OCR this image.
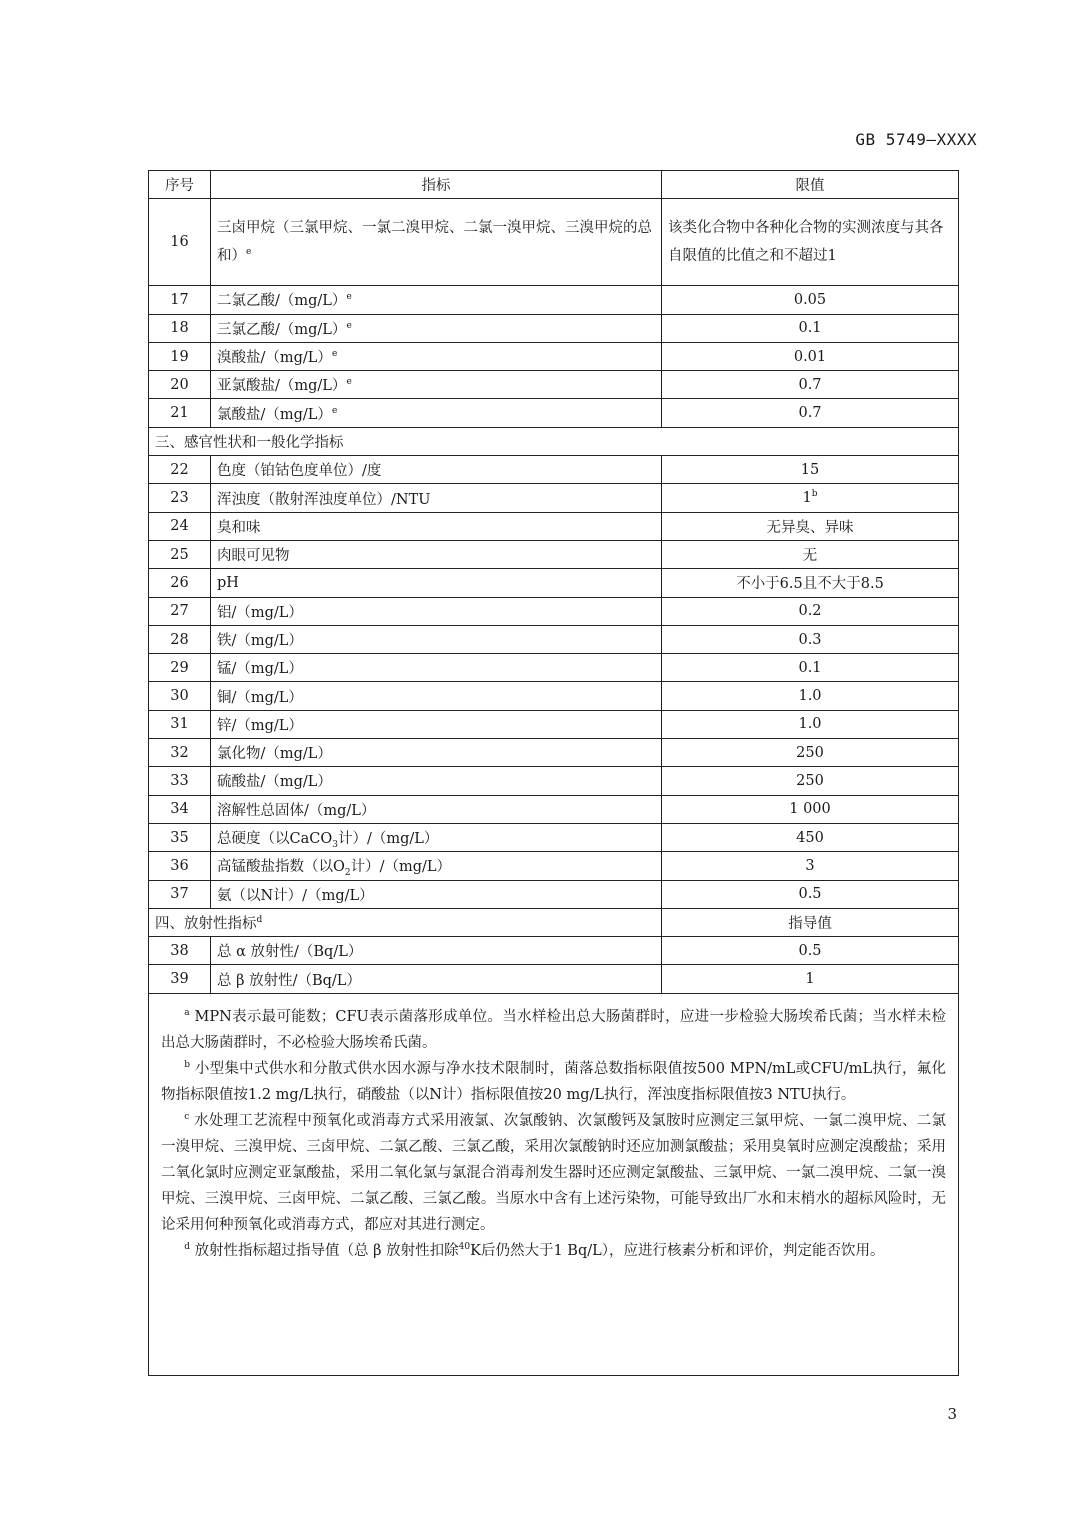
GB 5749—XXXX
序号	指标	限值
16	三卤甲烷（三氯甲烷、一氯二溴甲烷、二氯一溴甲烷、三溴甲烷的总和）$^e$	该类化合物中各种化合物的实测浓度与其各自限值的比值之和不超过1
17	二氯乙酸$/(mg/L)^e$	0.05
18	三氯乙酸$/(mg/L)^e$	0.1
19	溴酸盐$/(mg/L)^e$	0.01
20	亚氯酸盐$/(mg/L)^e$	0.7
21	氯酸盐$/(mg/L)^e$	0.7
三、感官性状和一般化学指标		
22	色度（铂钴色度单位）/度	15
23	浑浊度（散射浑浊度单位）/NTU	1$^b$
24	臭和味	无异臭、异味
25	肉眼可见物	无
26	pH	不小于6.5且不大于8.5
27	铝/（mg/L）	0.2
28	铁/（mg/L）	0.3
29	锰/（mg/L）	0.1
30	铜/（mg/L）	1.0
31	锌/（mg/L）	1.0
32	氯化物/（mg/L）	250
33	硫酸盐/（mg/L）	250
34	溶解性总固体/（mg/L）	1 000
35	总硬度（以CaCO$_3$计）/（mg/L）	450
36	高锰酸盐指数（以$O_2$计）/（mg/L）	3
37	氨（以N计）/（mg/L）	0.5
四、放射性指标$^d$		指导值
38	总 α 放射性/（Bq/L）	0.5
39	总 β 放射性/（Bq/L）	1

$^a$ MPN表示最可能数；CFU表示菌落形成单位。当水样检出总大肠菌群时，应进一步检验大肠埃希氏菌；当水样未检出总大肠菌群时，不必检验大肠埃希氏菌。

$^b$ 小型集中式供水和分散式供水因水源与净水技术限制时，菌落总数指标限值按500 MPN/mL或CFU/mL执行，氟化物指标限值按1.2 mg/L执行，硝酸盐（以N计）指标限值按20 mg/L执行，浑浊度指标限值按3 NTU执行。

$^c$ 水处理工艺流程中预氧化或消毒方式采用液氯、次氯酸钠、次氯酸钙及氯胺时应测定三氯甲烷、一氯二溴甲烷、二氯一溴甲烷、三溴甲烷、三卤甲烷、二氯乙酸、三氯乙酸，采用次氯酸钠时还应加测氯酸盐；采用臭氧时应测定溴酸盐；采用二氧化氯时应测定亚氯酸盐，采用二氧化氯与氯混合消毒剂发生器时还应测定氯酸盐、三氯甲烷、一氯二溴甲烷、二氯一溴甲烷、三溴甲烷、三卤甲烷、二氯乙酸、三氯乙酸。当原水中含有上述污染物，可能导致出厂水和末梢水的超标风险时，无论采用何种预氧化或消毒方式，都应对其进行测定。

$^d$ 放射性指标超过指导值（总 β 放射性扣除$^{40}$K后仍然大于1 Bq/L），应进行核素分析和评价，判定能否饮用。		

3
